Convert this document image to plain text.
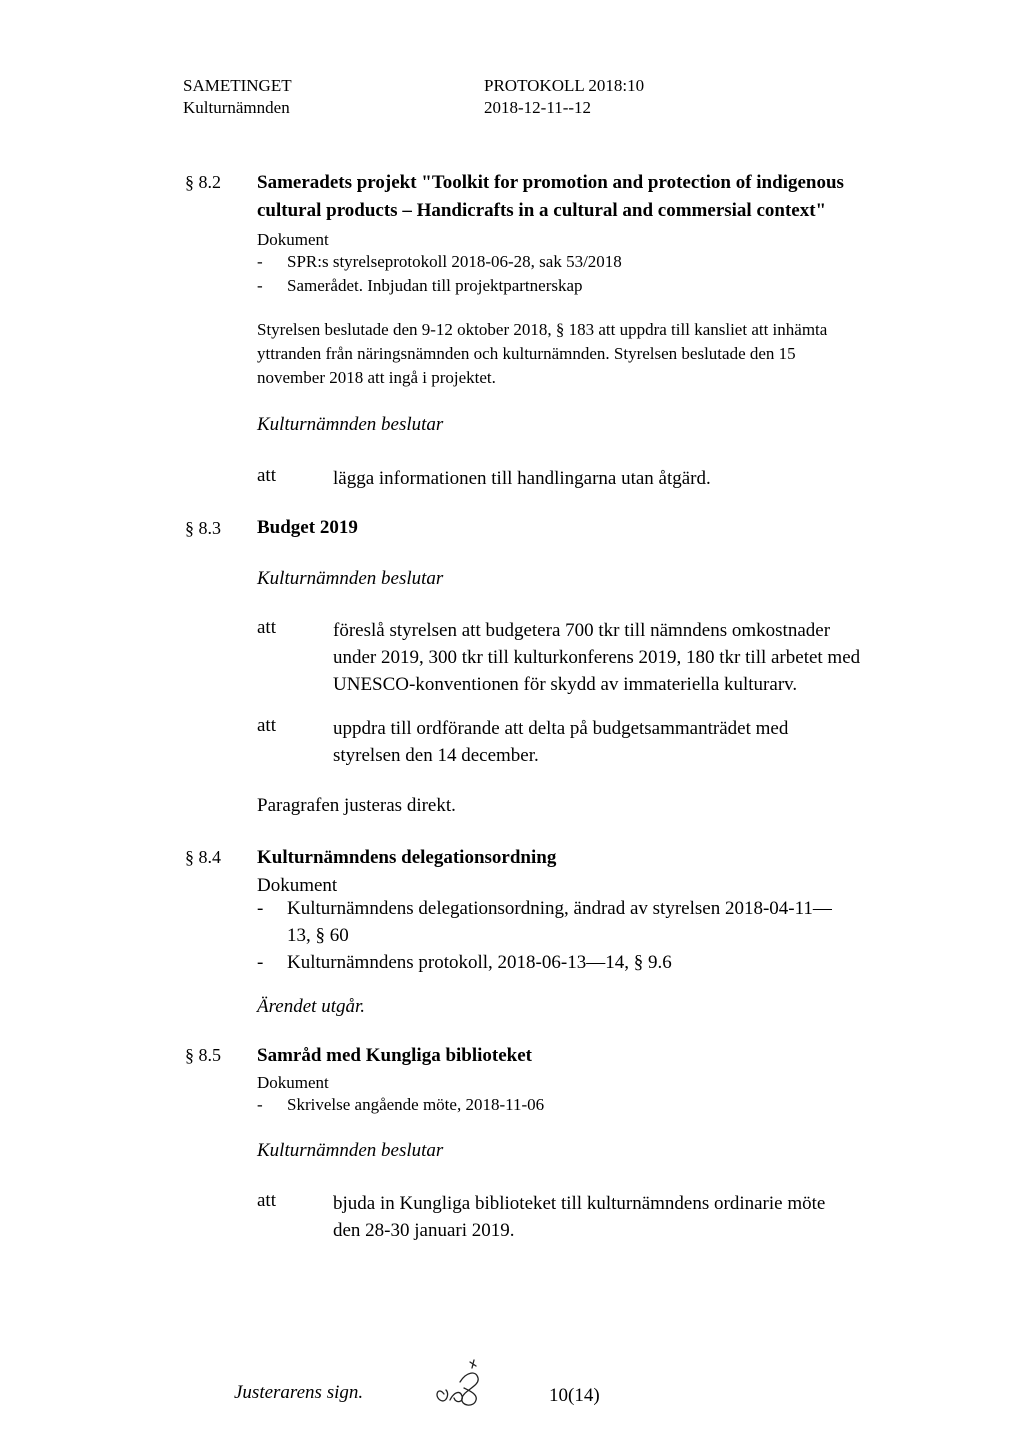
SAMETINGET
Kulturnämnden
PROTOKOLL 2018:10
2018-12-11--12
§ 8.2 Sameradets projekt "Toolkit for promotion and protection of indigenous
cultural products – Handicrafts in a cultural and commersial context"
Dokument
- SPR:s styrelseprotokoll 2018-06-28, sak 53/2018
- Samerådet. Inbjudan till projektpartnerskap
Styrelsen beslutade den 9-12 oktober 2018, § 183 att uppdra till kansliet att inhämta
yttranden från näringsnämnden och kulturnämnden. Styrelsen beslutade den 15
november 2018 att ingå i projektet.
Kulturnämnden beslutar
att	lägga informationen till handlingarna utan åtgärd.
§ 8.3 Budget 2019
Kulturnämnden beslutar
att	föreslå styrelsen att budgetera 700 tkr till nämndens omkostnader
under 2019, 300 tkr till kulturkonferens 2019, 180 tkr till arbetet med
UNESCO-konventionen för skydd av immateriella kulturarv.
att	uppdra till ordförande att delta på budgetsammanträdet med
styrelsen den 14 december.
Paragrafen justeras direkt.
§ 8.4 Kulturnämndens delegationsordning
Dokument
- Kulturnämndens delegationsordning, ändrad av styrelsen 2018-04-11—
13, § 60
- Kulturnämndens protokoll, 2018-06-13—14, § 9.6
Ärendet utgår.
§ 8.5 Samråd med Kungliga biblioteket
Dokument
- Skrivelse angående möte, 2018-11-06
Kulturnämnden beslutar
att	bjuda in Kungliga biblioteket till kulturnämndens ordinarie möte
den 28-30 januari 2019.
Justerarens sign.	10(14)
